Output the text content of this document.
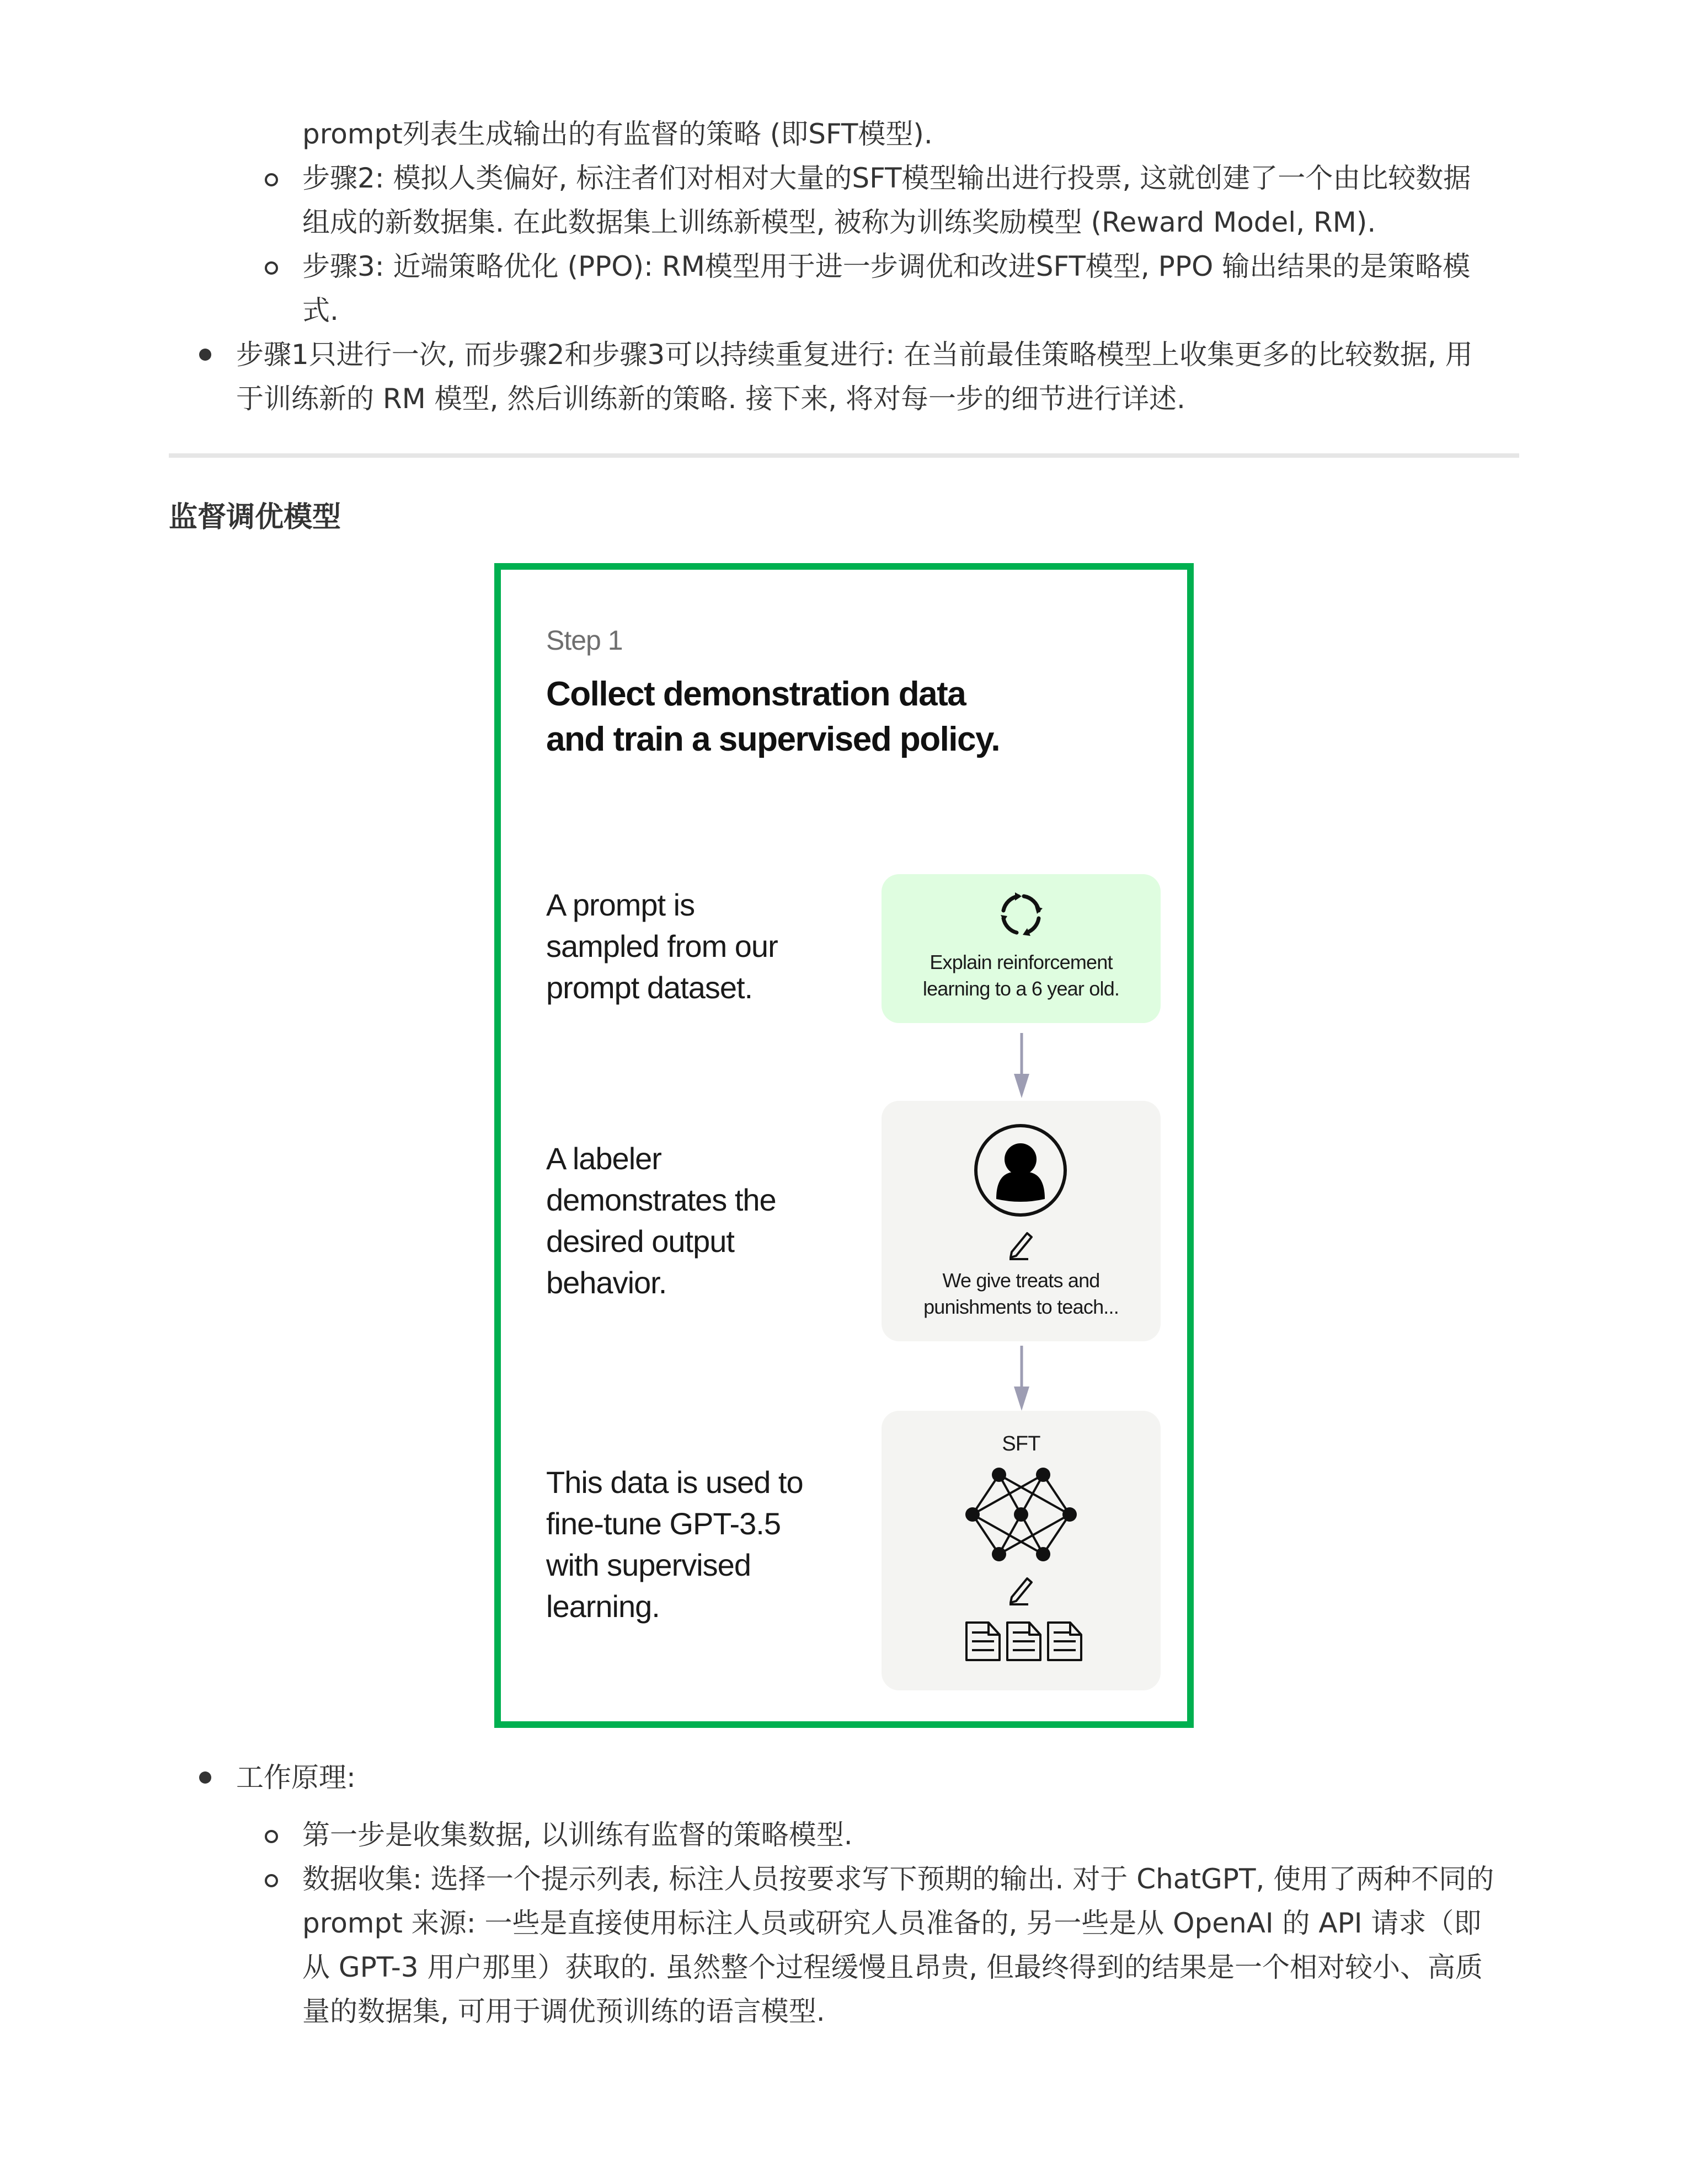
prompt列表生成输出的有监督的策略 (即SFT模型).
步骤2: 模拟人类偏好, 标注者们对相对大量的SFT模型输出进行投票, 这就创建了一个由比较数据
组成的新数据集. 在此数据集上训练新模型, 被称为训练奖励模型 (Reward Model, RM).
步骤3: 近端策略优化 (PPO): RM模型用于进一步调优和改进SFT模型, PPO 输出结果的是策略模
式.
步骤1只进行一次, 而步骤2和步骤3可以持续重复进行: 在当前最佳策略模型上收集更多的比较数据, 用
于训练新的 RM 模型, 然后训练新的策略. 接下来, 将对每一步的细节进行详述.
监督调优模型
Step 1
Collect demonstration data
and train a supervised policy.
A prompt is
sampled from our
prompt dataset.
Explain reinforcement
learning to a 6 year old.
A labeler
demonstrates the
desired output
behavior.	We give treats and
punishments to teach...
This data is used to
fine-tune GPT-3.5
with supervised
learning.
SFT
工作原理:
第一步是收集数据, 以训练有监督的策略模型.
数据收集: 选择一个提示列表, 标注人员按要求写下预期的输出. 对于 ChatGPT, 使用了两种不同的
prompt 来源: 一些是直接使用标注人员或研究人员准备的, 另一些是从 OpenAI 的 API 请求（即
从 GPT-3 用户那里）获取的. 虽然整个过程缓慢且昂贵, 但最终得到的结果是一个相对较小、高质
量的数据集, 可用于调优预训练的语言模型.
